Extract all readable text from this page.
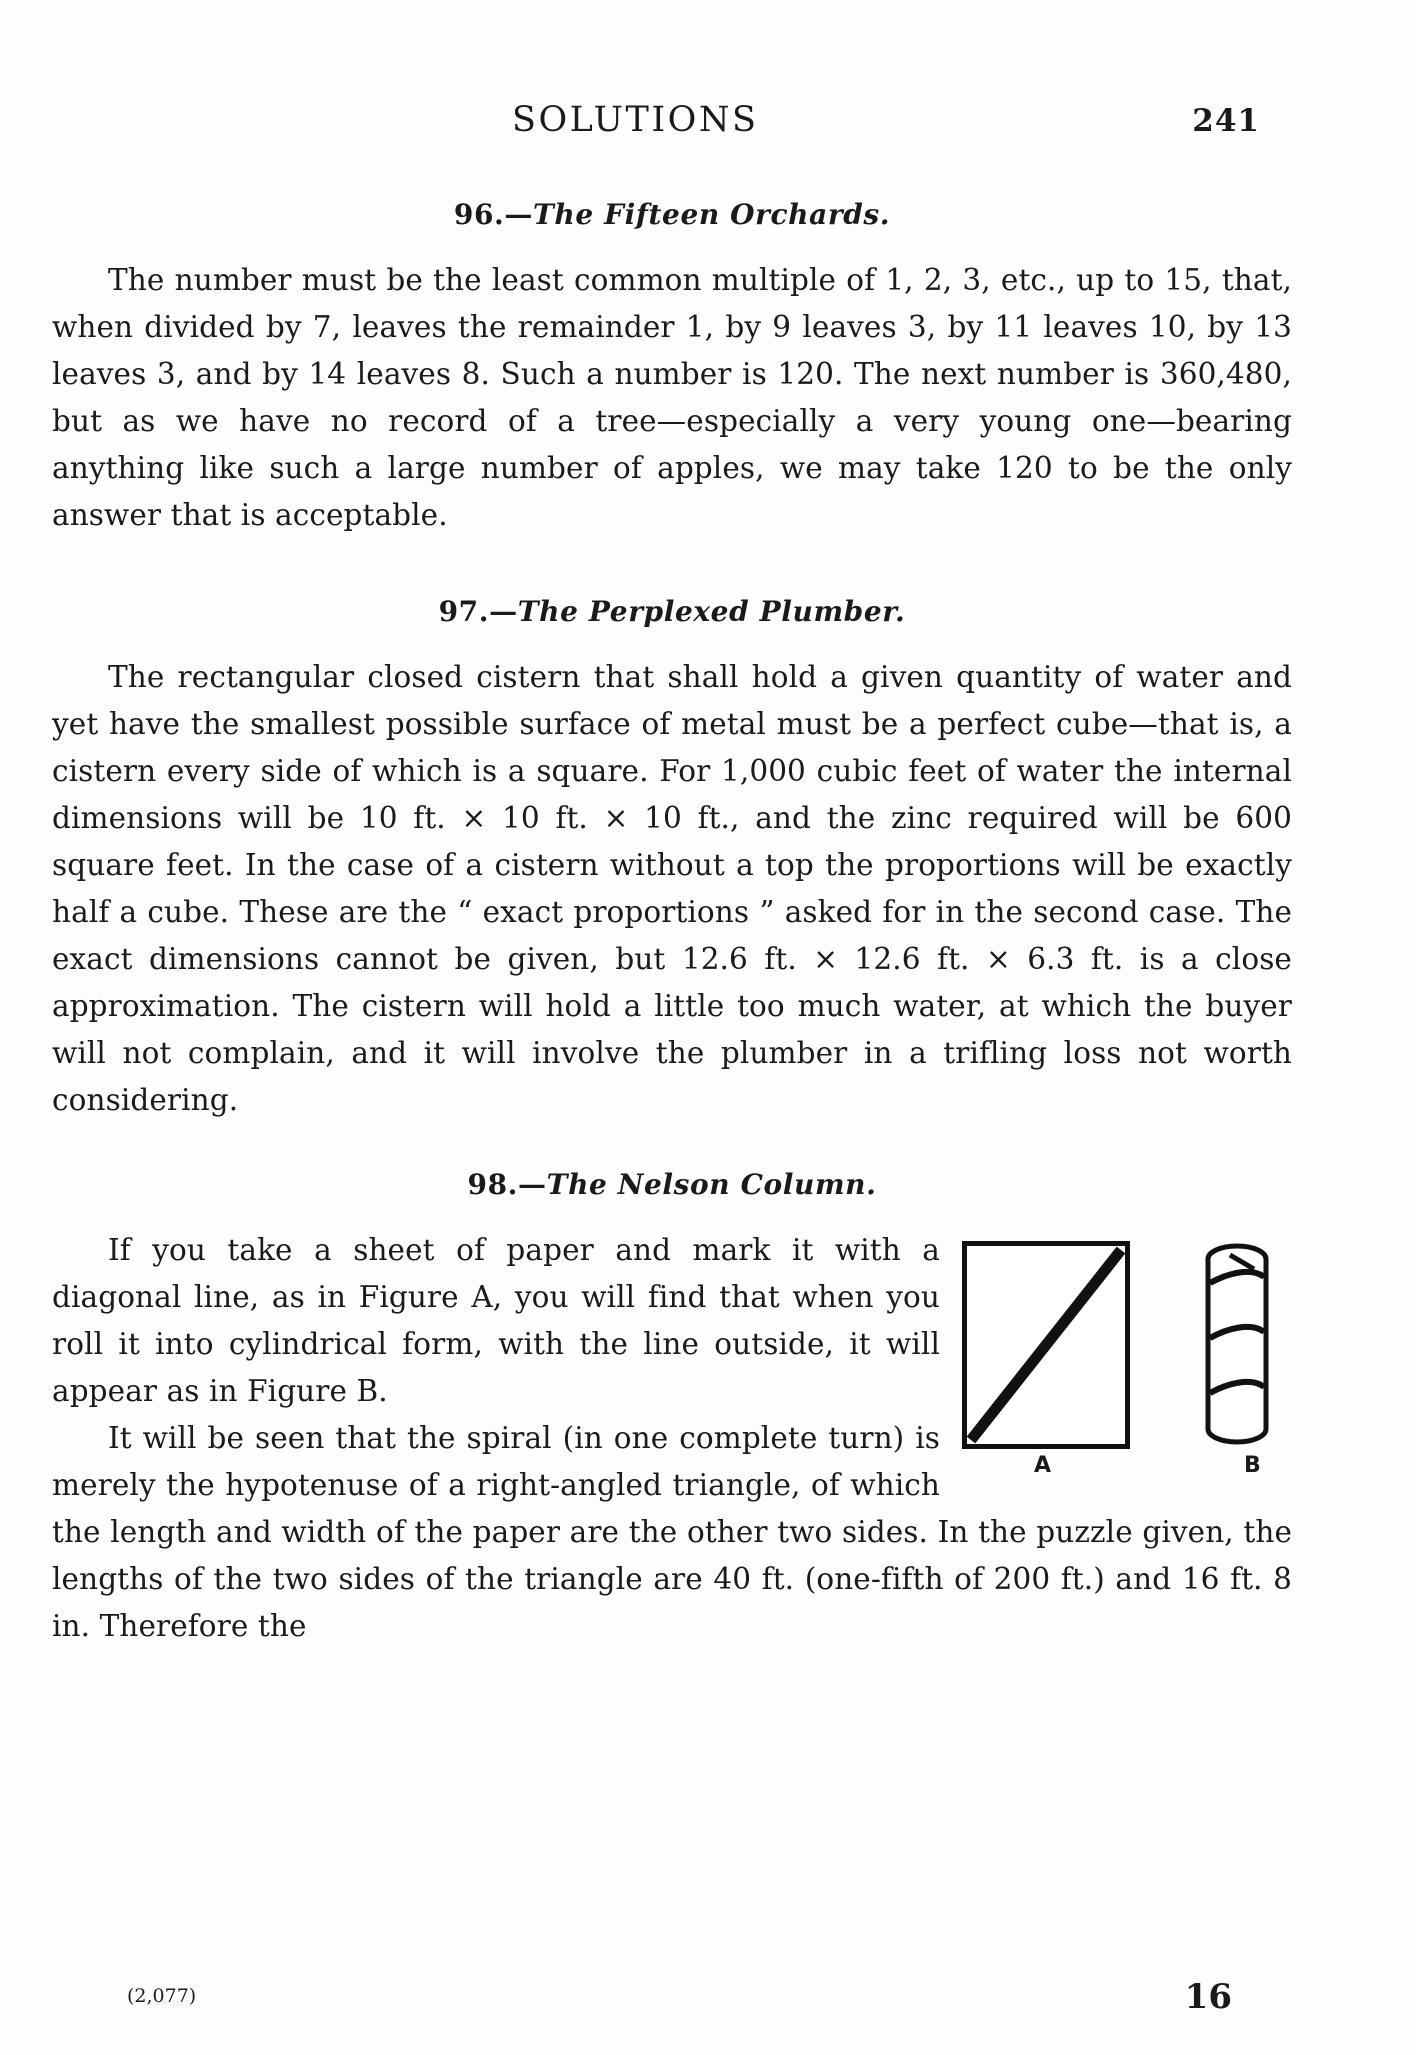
SOLUTIONS	241
96.—The Fifteen Orchards.

The number must be the least common multiple of 1, 2, 3, etc., up to 15, that, when divided by 7, leaves the remainder 1, by 9 leaves 3, by 11 leaves 10, by 13 leaves 3, and by 14 leaves 8. Such a number is 120. The next number is 360,480, but as we have no record of a tree—especially a very young one—bearing anything like such a large number of apples, we may take 120 to be the only answer that is acceptable.

97.—The Perplexed Plumber.

The rectangular closed cistern that shall hold a given quantity of water and yet have the smallest possible surface of metal must be a perfect cube—that is, a cistern every side of which is a square. For 1,000 cubic feet of water the internal dimensions will be 10 ft. × 10 ft. × 10 ft., and the zinc required will be 600 square feet. In the case of a cistern without a top the proportions will be exactly half a cube. These are the “ exact proportions ” asked for in the second case. The exact dimensions cannot be given, but 12.6 ft. × 12.6 ft. × 6.3 ft. is a close approximation. The cistern will hold a little too much water, at which the buyer will not complain, and it will involve the plumber in a trifling loss not worth considering.

98.—The Nelson Column.
A	B

If you take a sheet of paper and mark it with a diagonal line, as in Figure A, you will find that when you roll it into cylindrical form, with the line outside, it will appear as in Figure B.

It will be seen that the spiral (in one complete turn) is merely the hypotenuse of a right-angled triangle, of which the length and width of the paper are the other two sides. In the puzzle given, the lengths of the two sides of the triangle are 40 ft. (one-fifth of 200 ft.) and 16 ft. 8 in. Therefore the

(2,077)	16
